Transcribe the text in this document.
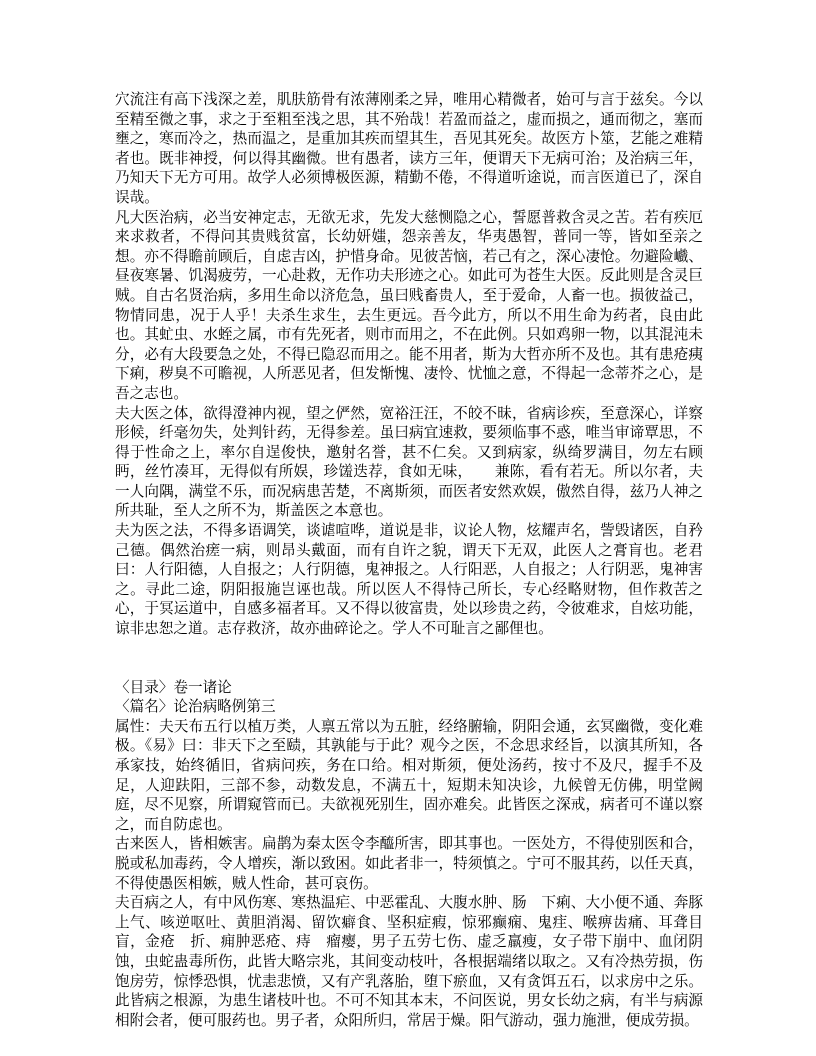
穴流注有高下浅深之差，肌肤筋骨有浓薄刚柔之异，唯用心精微者，始可与言于兹矣。今以至精至微之事，求之于至粗至浅之思，其不殆哉！若盈而益之，虚而损之，通而彻之，塞而壅之，寒而冷之，热而温之，是重加其疾而望其生，吾见其死矣。故医方卜筮，艺能之难精者也。既非神授，何以得其幽微。世有愚者，读方三年，便谓天下无病可治；及治病三年，乃知天下无方可用。故学人必须博极医源，精勤不倦，不得道听途说，而言医道已了，深自误哉。

凡大医治病，必当安神定志，无欲无求，先发大慈恻隐之心，誓愿普救含灵之苦。若有疾厄来求救者，不得问其贵贱贫富，长幼妍媸，怨亲善友，华夷愚智，普同一等，皆如至亲之想。亦不得瞻前顾后，自虑吉凶，护惜身命。见彼苦恼，若己有之，深心凄怆。勿避险巇、昼夜寒暑、饥渴疲劳，一心赴救，无作功夫形迹之心。如此可为苍生大医。反此则是含灵巨贼。自古名贤治病，多用生命以济危急，虽曰贱畜贵人，至于爱命，人畜一也。损彼益己，物情同患，况于人乎！夫杀生求生，去生更远。吾今此方，所以不用生命为药者，良由此也。其虻虫、水蛭之属，市有先死者，则市而用之，不在此例。只如鸡卵一物，以其混沌未分，必有大段要急之处，不得已隐忍而用之。能不用者，斯为大哲亦所不及也。其有患疮痍下痢，秽臭不可瞻视，人所恶见者，但发惭愧、凄怜、忧恤之意，不得起一念蒂芥之心，是吾之志也。

夫大医之体，欲得澄神内视，望之俨然，宽裕汪汪，不皎不昧，省病诊疾，至意深心，详察形候，纤毫勿失，处判针药，无得参差。虽曰病宜速救，要须临事不惑，唯当审谛覃思，不得于性命之上，率尔自逞俊快，邀射名誉，甚不仁矣。又到病家，纵绮罗满目，勿左右顾眄，丝竹凑耳，无得似有所娱，珍馐迭荐，食如无味，　　兼陈，看有若无。所以尔者，夫一人向隅，满堂不乐，而况病患苦楚，不离斯须，而医者安然欢娱，傲然自得，兹乃人神之所共耻，至人之所不为，斯盖医之本意也。

夫为医之法，不得多语调笑，谈谑喧哗，道说是非，议论人物，炫耀声名，訾毁诸医，自矜己德。偶然治瘥一病，则昂头戴面，而有自许之貌，谓天下无双，此医人之膏肓也。老君曰：人行阳德，人自报之；人行阴德，鬼神报之。人行阳恶，人自报之；人行阴恶，鬼神害之。寻此二途，阴阳报施岂诬也哉。所以医人不得恃己所长，专心经略财物，但作救苦之心，于冥运道中，自感多福者耳。又不得以彼富贵，处以珍贵之药，令彼难求，自炫功能，谅非忠恕之道。志存救济，故亦曲碎论之。学人不可耻言之鄙俚也。

〈目录〉卷一诸论

〈篇名〉论治病略例第三

属性：夫天布五行以植万类，人禀五常以为五脏，经络腑输，阴阳会通，玄冥幽微，变化难极。《易》曰：非天下之至赜，其孰能与于此？观今之医，不念思求经旨，以演其所知，各承家技，始终循旧，省病问疾，务在口给。相对斯须，便处汤药，按寸不及尺，握手不及足，人迎趺阳，三部不参，动数发息，不满五十，短期未知决诊，九候曾无仿佛，明堂阙庭，尽不见察，所谓窥管而已。夫欲视死别生，固亦难矣。此皆医之深戒，病者可不谨以察之，而自防虑也。

古来医人，皆相嫉害。扁鹊为秦太医令李醯所害，即其事也。一医处方，不得使别医和合，脱或私加毒药，令人增疾，渐以致困。如此者非一，特须慎之。宁可不服其药，以任天真，不得使愚医相嫉，贼人性命，甚可哀伤。

夫百病之人，有中风伤寒、寒热温疟、中恶霍乱、大腹水肿、肠　下痢、大小便不通、奔豚上气、咳逆呕吐、黄胆消渴、留饮癖食、坚积症瘕，惊邪癫痫、鬼疰、喉痹齿痛、耳聋目盲，金疮　折、痈肿恶疮、痔　瘤瘿，男子五劳七伤、虚乏羸瘦，女子带下崩中、血闭阴蚀，虫蛇蛊毒所伤，此皆大略宗兆，其间变动枝叶，各根据端绪以取之。又有冷热劳损，伤饱房劳，惊悸恐惧，忧恚悲愤，又有产乳落胎，堕下瘀血，又有贪饵五石，以求房中之乐。此皆病之根源，为患生诸枝叶也。不可不知其本末，不问医说，男女长幼之病，有半与病源相附会者，便可服药也。男子者，众阳所归，常居于燥。阳气游动，强力施泄，便成劳损。
